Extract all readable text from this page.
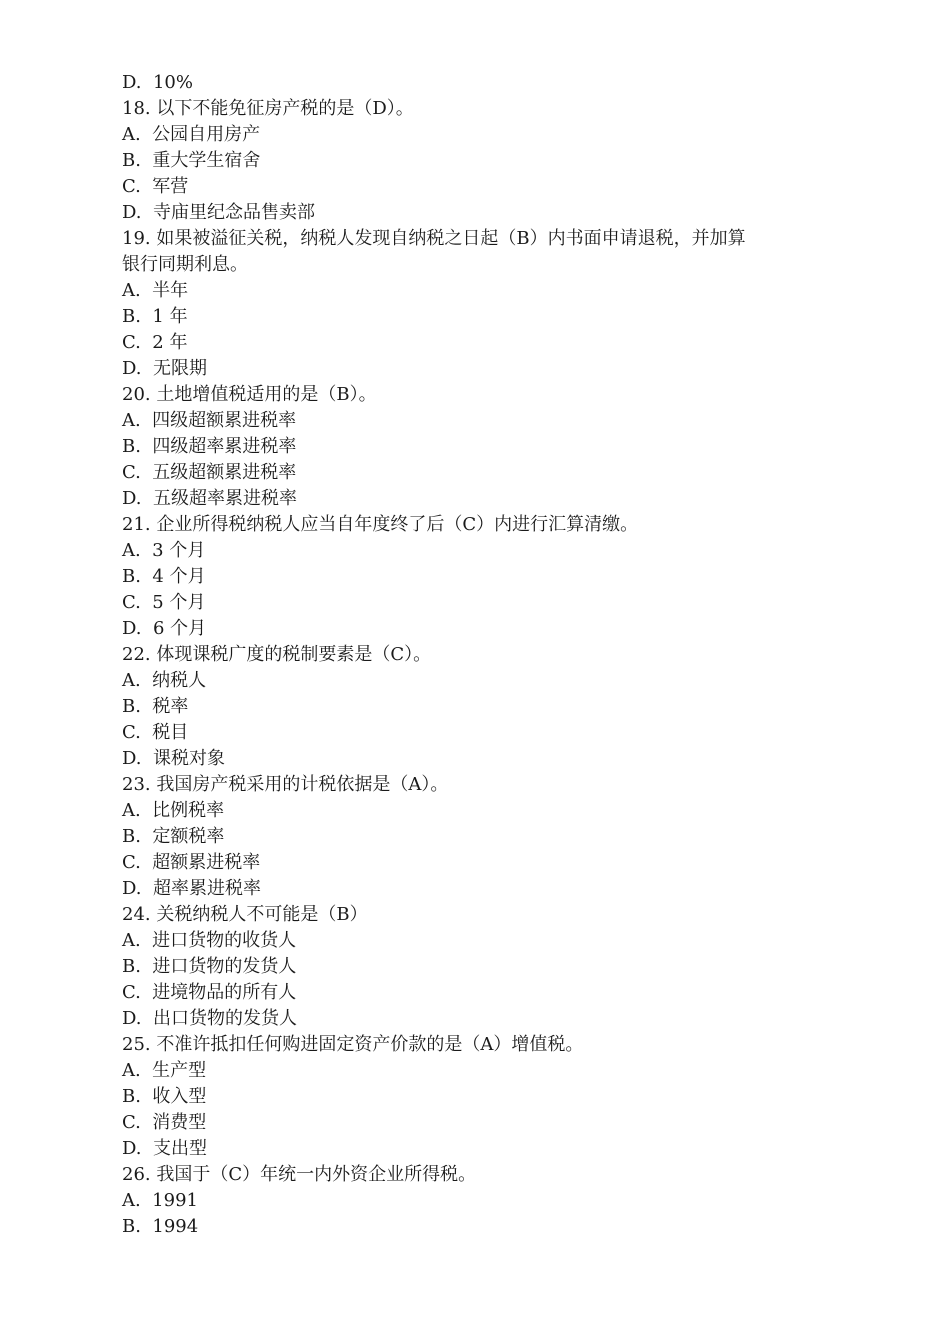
D.  10%
18. 以下不能免征房产税的是（D）。
A.  公园自用房产
B.  重大学生宿舍
C.  军营
D.  寺庙里纪念品售卖部
19. 如果被溢征关税，纳税人发现自纳税之日起（B）内书面申请退税，并加算
银行同期利息。
A.  半年
B.  1 年
C.  2 年
D.  无限期
20. 土地增值税适用的是（B）。
A.  四级超额累进税率
B.  四级超率累进税率
C.  五级超额累进税率
D.  五级超率累进税率
21. 企业所得税纳税人应当自年度终了后（C）内进行汇算清缴。
A.  3 个月
B.  4 个月
C.  5 个月
D.  6 个月
22. 体现课税广度的税制要素是（C）。
A.  纳税人
B.  税率
C.  税目
D.  课税对象
23. 我国房产税采用的计税依据是（A）。
A.  比例税率
B.  定额税率
C.  超额累进税率
D.  超率累进税率
24. 关税纳税人不可能是（B）
A.  进口货物的收货人
B.  进口货物的发货人
C.  进境物品的所有人
D.  出口货物的发货人
25. 不准许抵扣任何购进固定资产价款的是（A）增值税。
A.  生产型
B.  收入型
C.  消费型
D.  支出型
26. 我国于（C）年统一内外资企业所得税。
A.  1991
B.  1994
